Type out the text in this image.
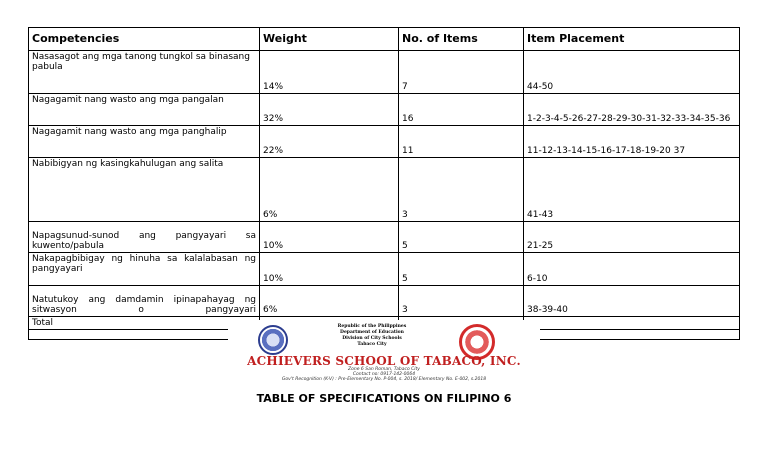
Competencies	Weight	No. of Items	Item Placement
Nasasagot ang mga tanong tungkol sa binasang pabula	14%	7	44-50
Nagagamit nang wasto ang mga pangalan	32%	16	1-2-3-4-5-26-27-28-29-30-31-32-33-34-35-36
Nagagamit nang wasto ang mga panghalip	22%	11	11-12-13-14-15-16-17-18-19-20 37
Nabibigyan ng kasingkahulugan ang salita	6%	3	41-43
Napagsunud-sunod ang pangyayari sa kuwento/pabula	10%	5	21-25
Nakapagbibigay ng hinuha sa kalalabasan ng pangyayari	10%	5	6-10
Natutukoy ang damdamin ipinapahayag ng sitwasyon o pangyayari	6%	3	38-39-40
Total			
				Republic of the Philippines
Department of Education
Division of City Schools
Tabaco City
ACHIEVERS SCHOOL OF TABACO, INC.
Zone 6 San Roman, Tabaco City
Contact no: 0917-142-0064
Gov't Recognition (K-V) : Pre-Elementary No. P-004, s. 2018/ Elementary No. E-002, s.2018
TABLE OF SPECIFICATIONS ON FILIPINO 6
